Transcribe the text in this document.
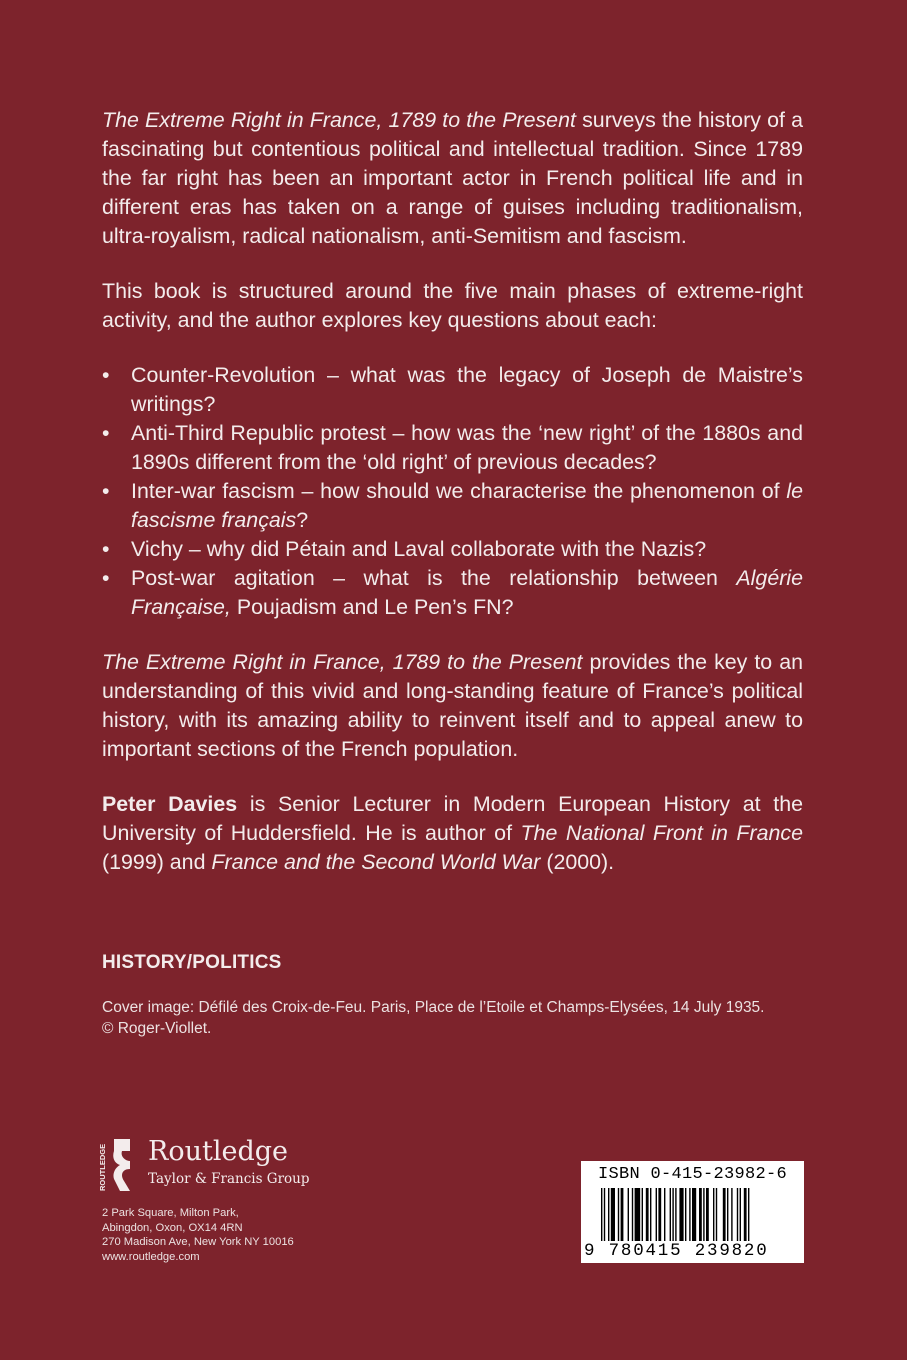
The Extreme Right in France, 1789 to the Present surveys the history of a fascinating but contentious political and intellectual tradition. Since 1789 the far right has been an important actor in French political life and in different eras has taken on a range of guises including traditionalism, ultra-royalism, radical nationalism, anti-Semitism and fascism.

This book is structured around the five main phases of extreme-right activity, and the author explores key questions about each:

• Counter-Revolution – what was the legacy of Joseph de Maistre’s writings?
• Anti-Third Republic protest – how was the ‘new right’ of the 1880s and 1890s different from the ‘old right’ of previous decades?
• Inter-war fascism – how should we characterise the phenomenon of le fascisme français?
• Vichy – why did Pétain and Laval collaborate with the Nazis?
• Post-war agitation – what is the relationship between Algérie Française, Poujadism and Le Pen’s FN?

The Extreme Right in France, 1789 to the Present provides the key to an understanding of this vivid and long-standing feature of France’s political history, with its amazing ability to reinvent itself and to appeal anew to important sections of the French population.

Peter Davies is Senior Lecturer in Modern European History at the University of Huddersfield. He is author of The National Front in France (1999) and France and the Second World War (2000).

HISTORY/POLITICS
Cover image: Défilé des Croix-de-Feu. Paris, Place de l’Etoile et Champs-Elysées, 14 July 1935.
© Roger-Viollet.
ROUTLEDGE Routledge
Taylor & Francis Group
2 Park Square, Milton Park,
Abingdon, Oxon, OX14 4RN
270 Madison Ave, New York NY 10016
www.routledge.com
ISBN 0-415-23982-6
9 780415 239820
